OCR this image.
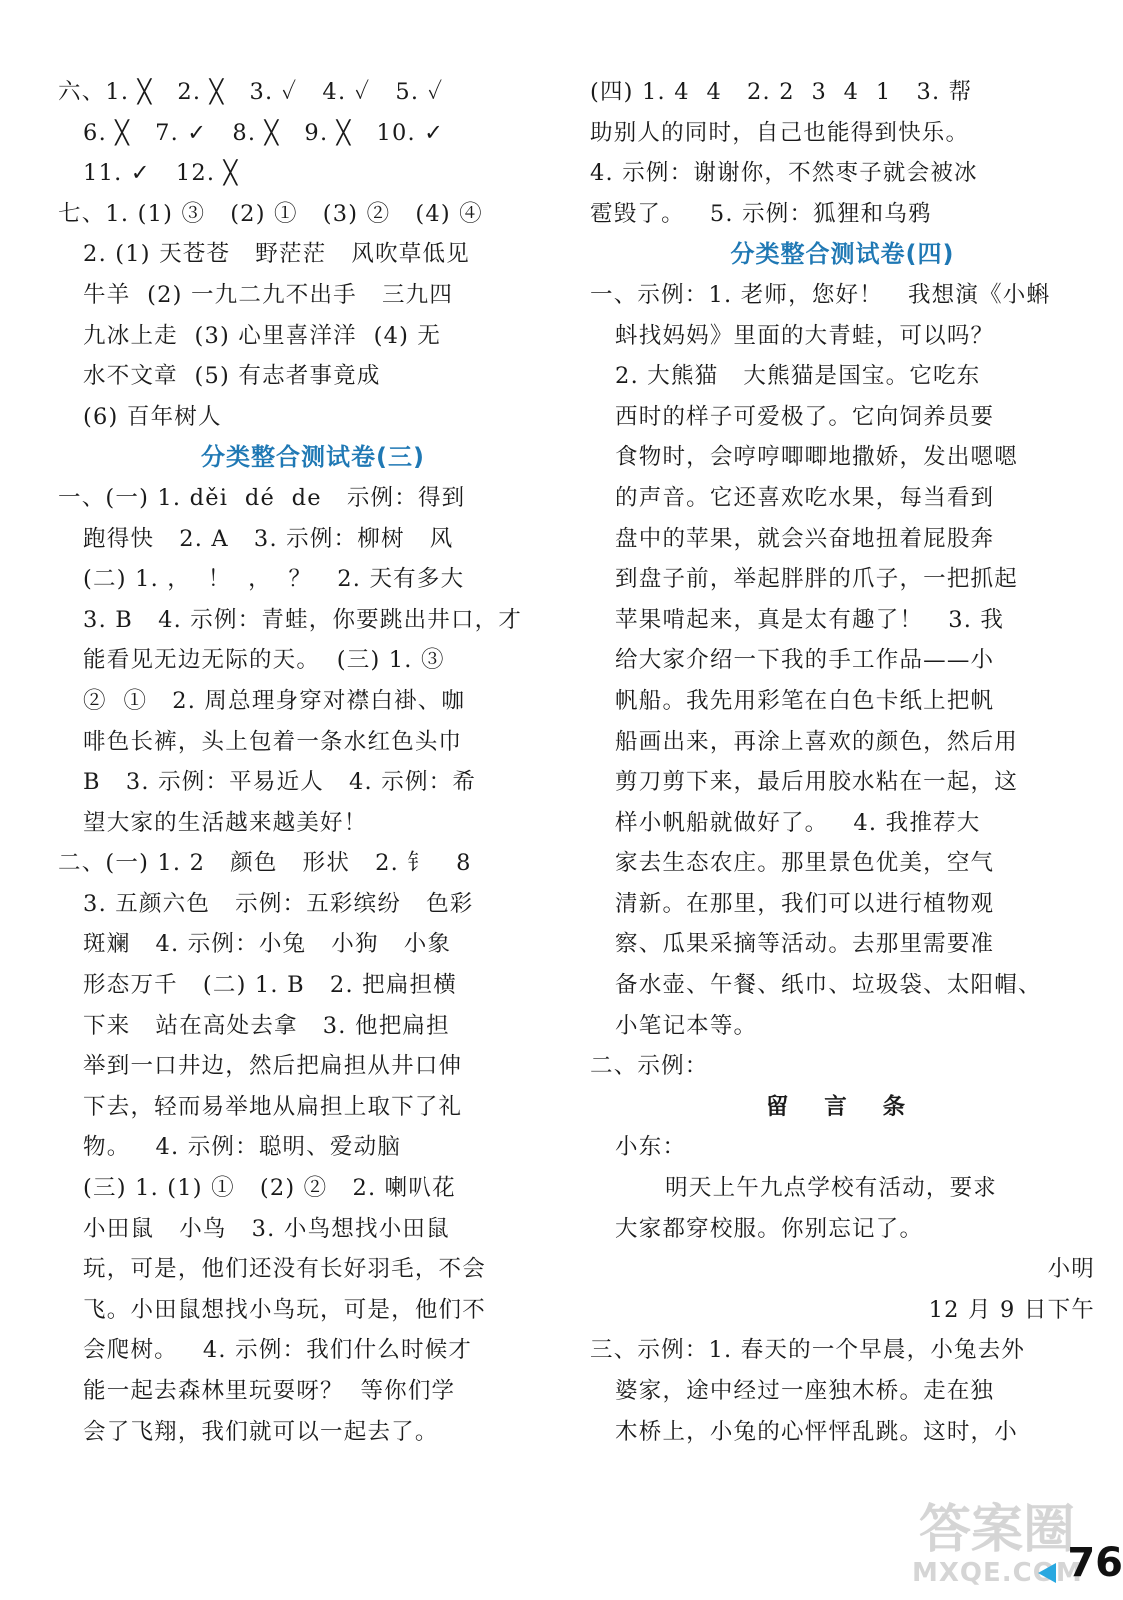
六、1. ╳   2. ╳   3. ✓   4. ✓   5. ✓
6. ╳   7. ✓   8. ╳   9. ╳   10. ✓
11. ✓   12. ╳
七、1. (1) ③   (2) ①   (3) ②   (4) ④
2. (1) 天苍苍   野茫茫   风吹草低见
牛羊  (2) 一九二九不出手   三九四
九冰上走  (3) 心里喜洋洋  (4) 无
水不文章  (5) 有志者事竟成
(6) 百年树人
分类整合测试卷(三)
一、(一) 1. děi  dé  de   示例：得到
跑得快   2. A   3. 示例：柳树   风
(二) 1. ，  ！  ，  ？   2. 天有多大
3. B   4. 示例：青蛙，你要跳出井口，才
能看见无边无际的天。  (三) 1. ③
②  ①   2. 周总理身穿对襟白褂、咖
啡色长裤，头上包着一条水红色头巾
B   3. 示例：平易近人   4. 示例：希
望大家的生活越来越美好！
二、(一) 1. 2   颜色   形状   2. 钅   8
3. 五颜六色   示例：五彩缤纷   色彩
斑斓   4. 示例：小兔   小狗   小象
形态万千   (二) 1. B   2. 把扁担横
下来   站在高处去拿   3. 他把扁担
举到一口井边，然后把扁担从井口伸
下去，轻而易举地从扁担上取下了礼
物。   4. 示例：聪明、爱动脑
(三) 1. (1) ①   (2) ②   2. 喇叭花
小田鼠   小鸟   3. 小鸟想找小田鼠
玩，可是，他们还没有长好羽毛，不会
飞。小田鼠想找小鸟玩，可是，他们不
会爬树。   4. 示例：我们什么时候才
能一起去森林里玩耍呀？  等你们学
会了飞翔，我们就可以一起去了。
(四) 1. 4  4   2. 2  3  4  1   3. 帮
助别人的同时，自己也能得到快乐。
4. 示例：谢谢你，不然枣子就会被冰
雹毁了。   5. 示例：狐狸和乌鸦
分类整合测试卷(四)
一、示例：1. 老师，您好！   我想演《小蝌
蚪找妈妈》里面的大青蛙，可以吗？
2. 大熊猫   大熊猫是国宝。它吃东
西时的样子可爱极了。它向饲养员要
食物时，会哼哼唧唧地撒娇，发出嗯嗯
的声音。它还喜欢吃水果，每当看到
盘中的苹果，就会兴奋地扭着屁股奔
到盘子前，举起胖胖的爪子，一把抓起
苹果啃起来，真是太有趣了！   3. 我
给大家介绍一下我的手工作品——小
帆船。我先用彩笔在白色卡纸上把帆
船画出来，再涂上喜欢的颜色，然后用
剪刀剪下来，最后用胶水粘在一起，这
样小帆船就做好了。   4. 我推荐大
家去生态农庄。那里景色优美，空气
清新。在那里，我们可以进行植物观
察、瓜果采摘等活动。去那里需要准
备水壶、午餐、纸巾、垃圾袋、太阳帽、
小笔记本等。
二、示例：
留 言 条
小东：
明天上午九点学校有活动，要求
大家都穿校服。你别忘记了。
小明
12 月 9 日下午
三、示例：1. 春天的一个早晨，小兔去外
婆家，途中经过一座独木桥。走在独
木桥上，小兔的心怦怦乱跳。这时，小
答案圈
MXQE.COM
76
